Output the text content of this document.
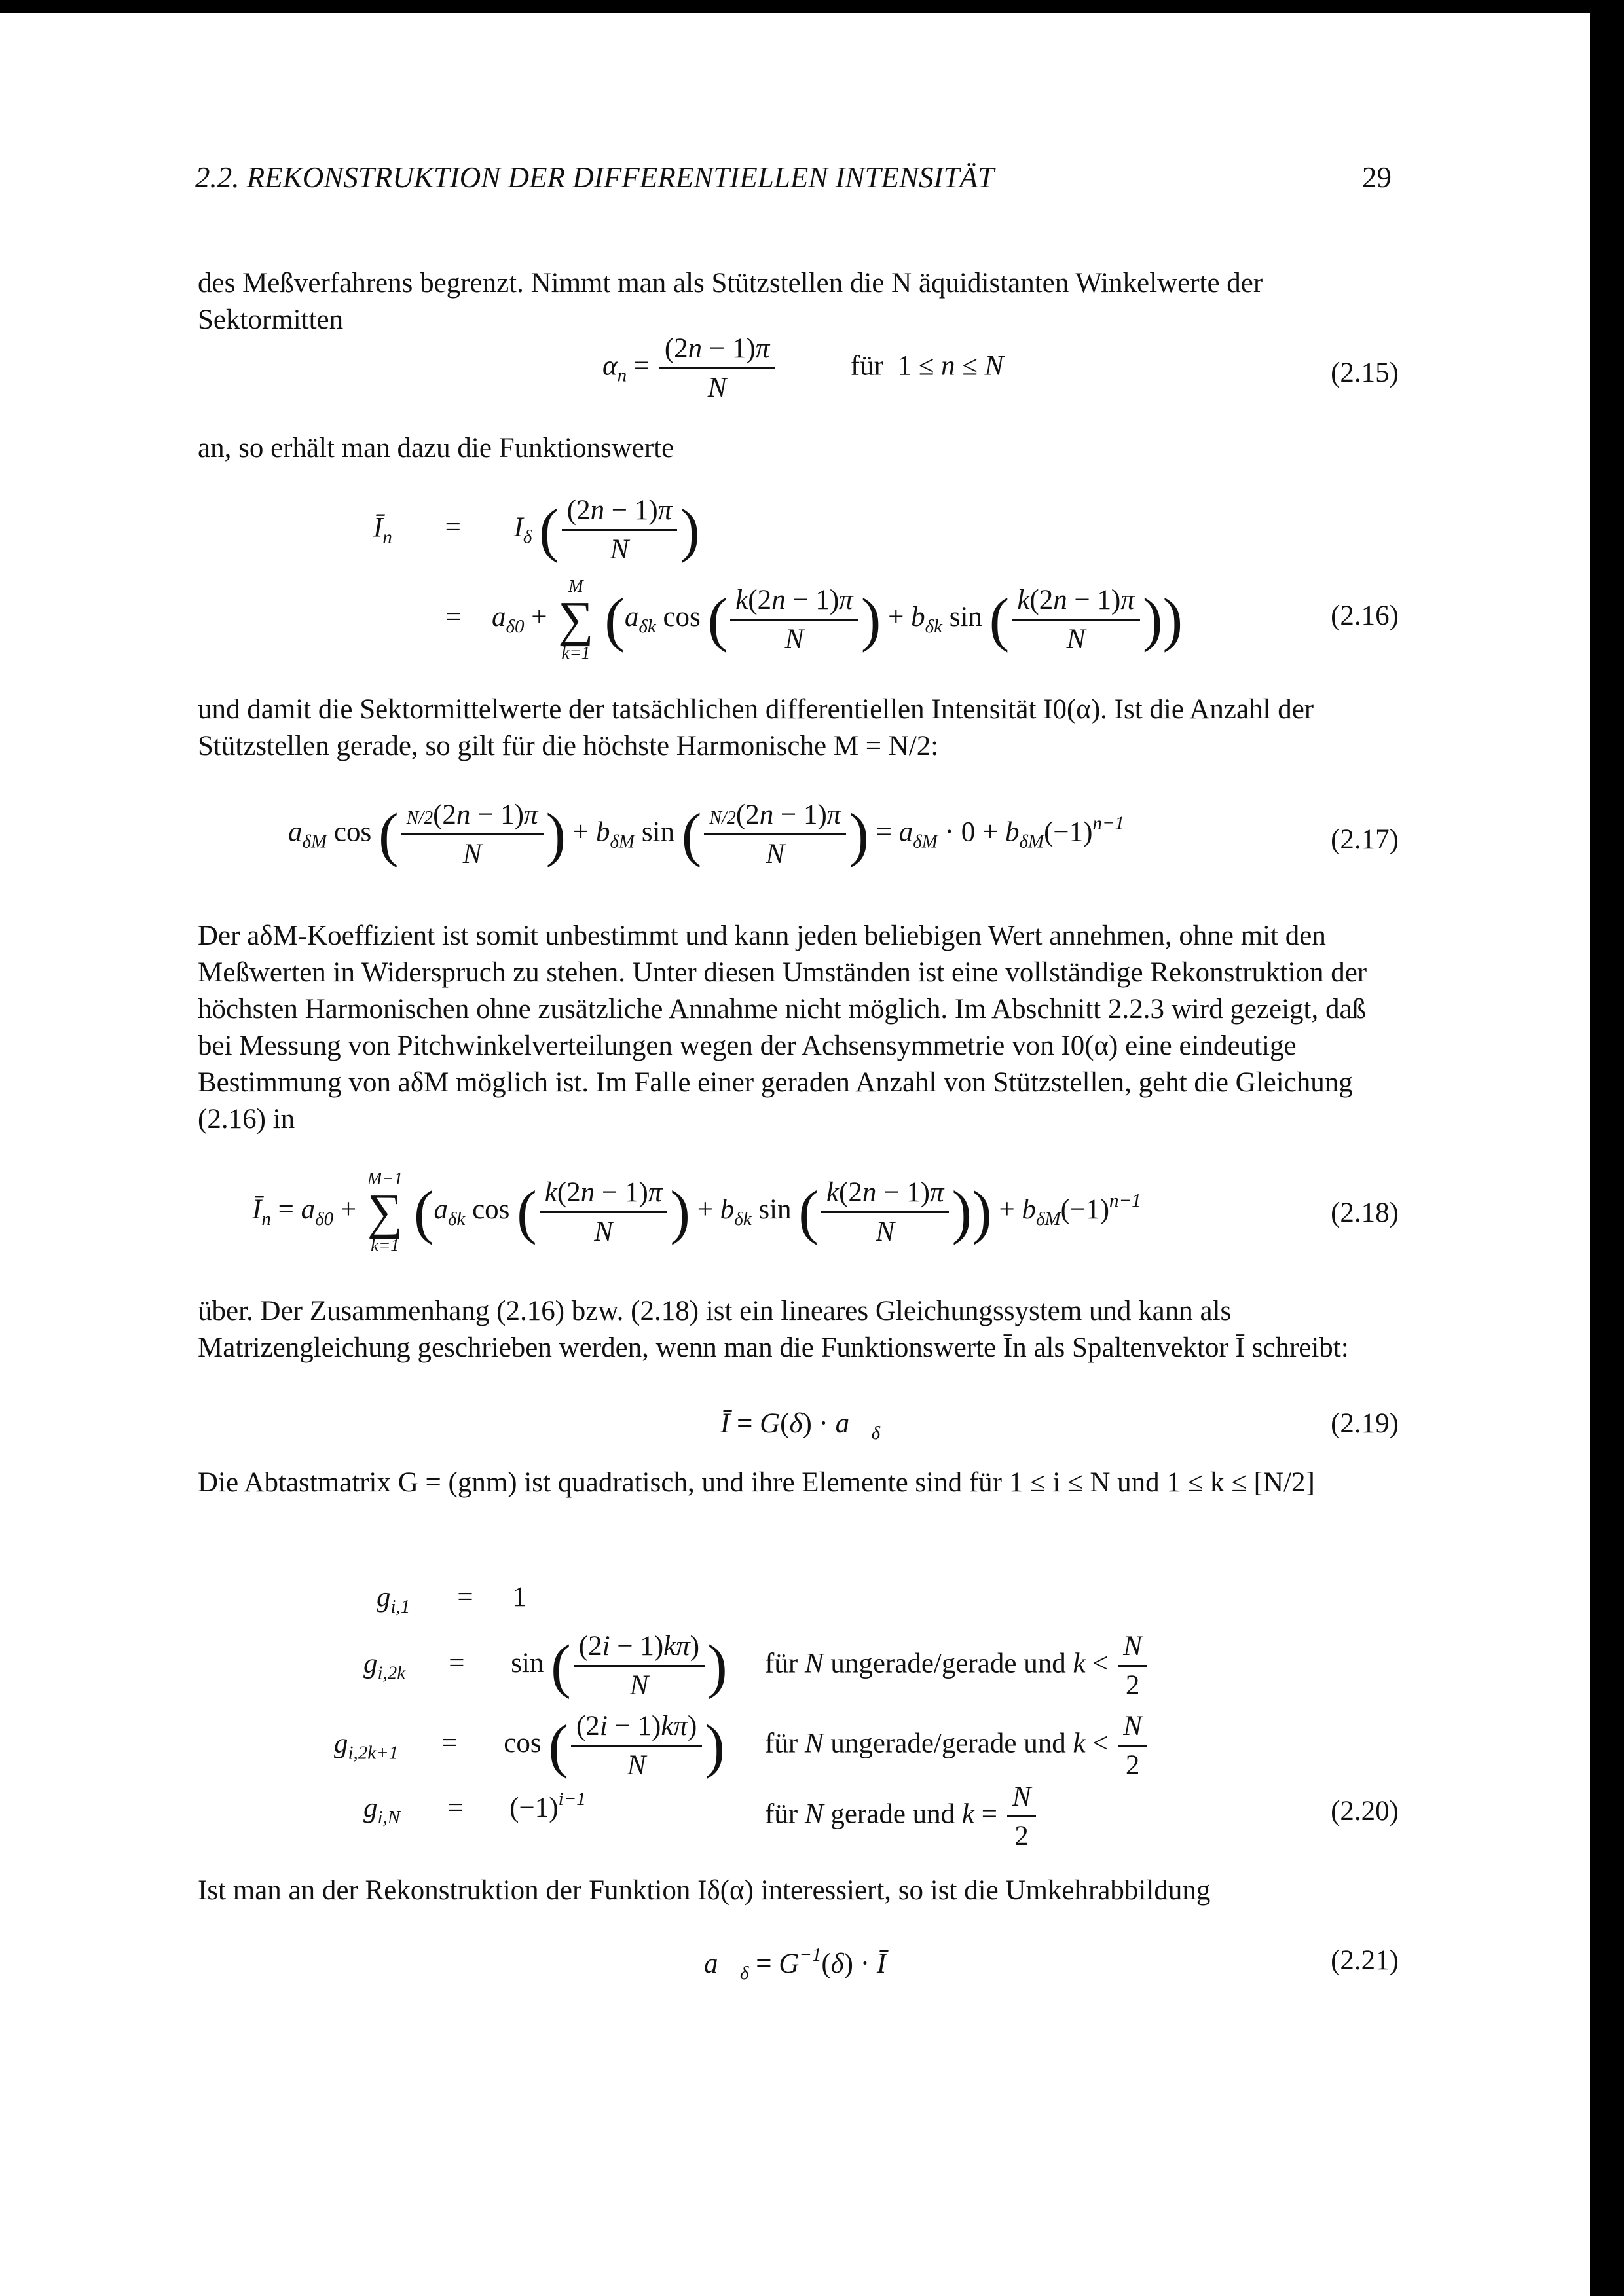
2.2. REKONSTRUKTION DER DIFFERENTIELLEN INTENSITÄT	29
des Meßverfahrens begrenzt. Nimmt man als Stützstellen die N äquidistanten Winkelwerte der Sektormitten
$\alpha_n = \frac{(2n - 1)\pi}{N}$	für  1 ≤ n ≤ N	(2.15)
an, so erhält man dazu die Funktionswerte
$Ī_n = I_\delta$ ( $\frac{(2n - 1)\pi}{N}$ )
= $a_{\delta 0}$ +
M
∑
k=1 ($a_{\delta k}$ cos ( $\frac{k(2n - 1)\pi}{N}$ ) + $b_{\delta k}$ sin ( $\frac{k(2n - 1)\pi}{N}$ ))	(2.16)
und damit die Sektormittelwerte der tatsächlichen differentiellen Intensität I0(α). Ist die Anzahl der Stützstellen gerade, so gilt für die höchste Harmonische M = N/2:
$a_{\delta M}$ cos ( $\frac{N/2(2n - 1)\pi}{N}$ ) + $b_{\delta M}$ sin ( $\frac{N/2(2n - 1)\pi}{N}$ ) = $a_{\delta M} \cdot 0 + b_{\delta M}(-1)^{n-1}$
(2.17)
Der aδM-Koeffizient ist somit unbestimmt und kann jeden beliebigen Wert annehmen, ohne mit den Meßwerten in Widerspruch zu stehen. Unter diesen Umständen ist eine vollständige Rekonstruktion der höchsten Harmonischen ohne zusätzliche Annahme nicht möglich. Im Abschnitt 2.2.3 wird gezeigt, daß bei Messung von Pitchwinkelverteilungen wegen der Achsensymmetrie von I0(α) eine eindeutige Bestimmung von aδM möglich ist. Im Falle einer geraden Anzahl von Stützstellen, geht die Gleichung (2.16) in
$Ī_n = a_{\delta 0}$ +
M−1
∑
k=1 ($a_{\delta k}$ cos ( $\frac{k(2n - 1)\pi}{N}$ ) + $b_{\delta k}$ sin ( $\frac{k(2n - 1)\pi}{N}$ )) + $b_{\delta M}(-1)^{n-1}$	(2.18)
über. Der Zusammenhang (2.16) bzw. (2.18) ist ein lineares Gleichungssystem und kann als Matrizengleichung geschrieben werden, wenn man die Funktionswerte Īn als Spaltenvektor Ī schreibt:
Ī = $G(\delta) \cdot a⃗_\delta$	(2.19)
Die Abtastmatrix G = (gnm) ist quadratisch, und ihre Elemente sind für 1 ≤ i ≤ N und 1 ≤ k ≤ [N/2]
$g_{i,1} = 1$
$g_{i,2k} = \sin$ ( $\frac{(2i - 1)k\pi)}{N}$ ) für N ungerade/gerade und $k < \frac{N}{2}$
$g_{i,2k+1} = \cos$ ( $\frac{(2i - 1)k\pi)}{N}$ ) für N ungerade/gerade und $k < \frac{N}{2}$
$g_{i,N} = (-1)^{i-1}$	für N gerade und $k = \frac{N}{2}$	(2.20)
Ist man an der Rekonstruktion der Funktion Iδ(α) interessiert, so ist die Umkehrabbildung
$a⃗_\delta = G^{-1}(\delta)$ · Ī	(2.21)
